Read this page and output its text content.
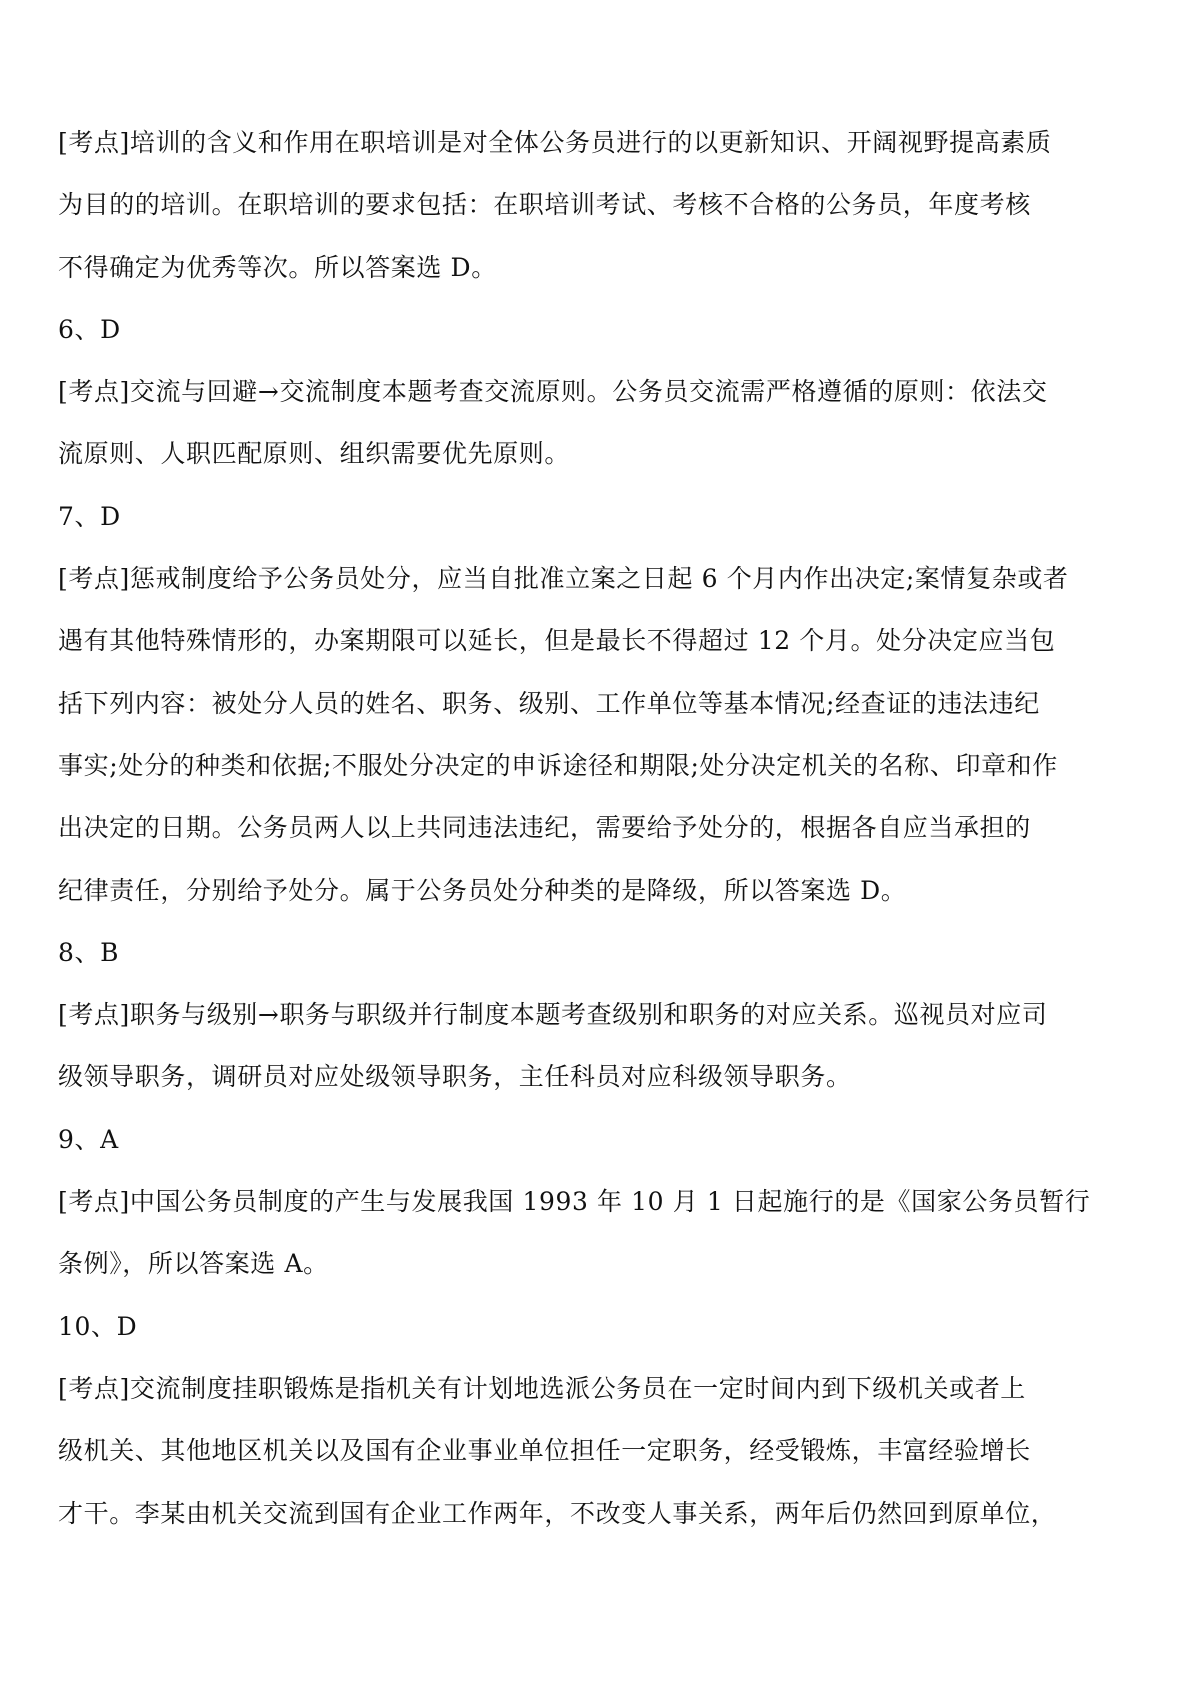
[考点]培训的含义和作用在职培训是对全体公务员进行的以更新知识、开阔视野提高素质
为目的的培训。在职培训的要求包括：在职培训考试、考核不合格的公务员，年度考核
不得确定为优秀等次。所以答案选 D。
6、D
[考点]交流与回避→交流制度本题考查交流原则。公务员交流需严格遵循的原则：依法交
流原则、人职匹配原则、组织需要优先原则。
7、D
[考点]惩戒制度给予公务员处分，应当自批准立案之日起 6 个月内作出决定;案情复杂或者
遇有其他特殊情形的，办案期限可以延长，但是最长不得超过 12 个月。处分决定应当包
括下列内容：被处分人员的姓名、职务、级别、工作单位等基本情况;经查证的违法违纪
事实;处分的种类和依据;不服处分决定的申诉途径和期限;处分决定机关的名称、印章和作
出决定的日期。公务员两人以上共同违法违纪，需要给予处分的，根据各自应当承担的
纪律责任，分别给予处分。属于公务员处分种类的是降级，所以答案选 D。
8、B
[考点]职务与级别→职务与职级并行制度本题考查级别和职务的对应关系。巡视员对应司
级领导职务，调研员对应处级领导职务，主任科员对应科级领导职务。
9、A
[考点]中国公务员制度的产生与发展我国 1993 年 10 月 1 日起施行的是《国家公务员暂行
条例》，所以答案选 A。
10、D
[考点]交流制度挂职锻炼是指机关有计划地选派公务员在一定时间内到下级机关或者上
级机关、其他地区机关以及国有企业事业单位担任一定职务，经受锻炼，丰富经验增长
才干。李某由机关交流到国有企业工作两年，不改变人事关系，两年后仍然回到原单位，
